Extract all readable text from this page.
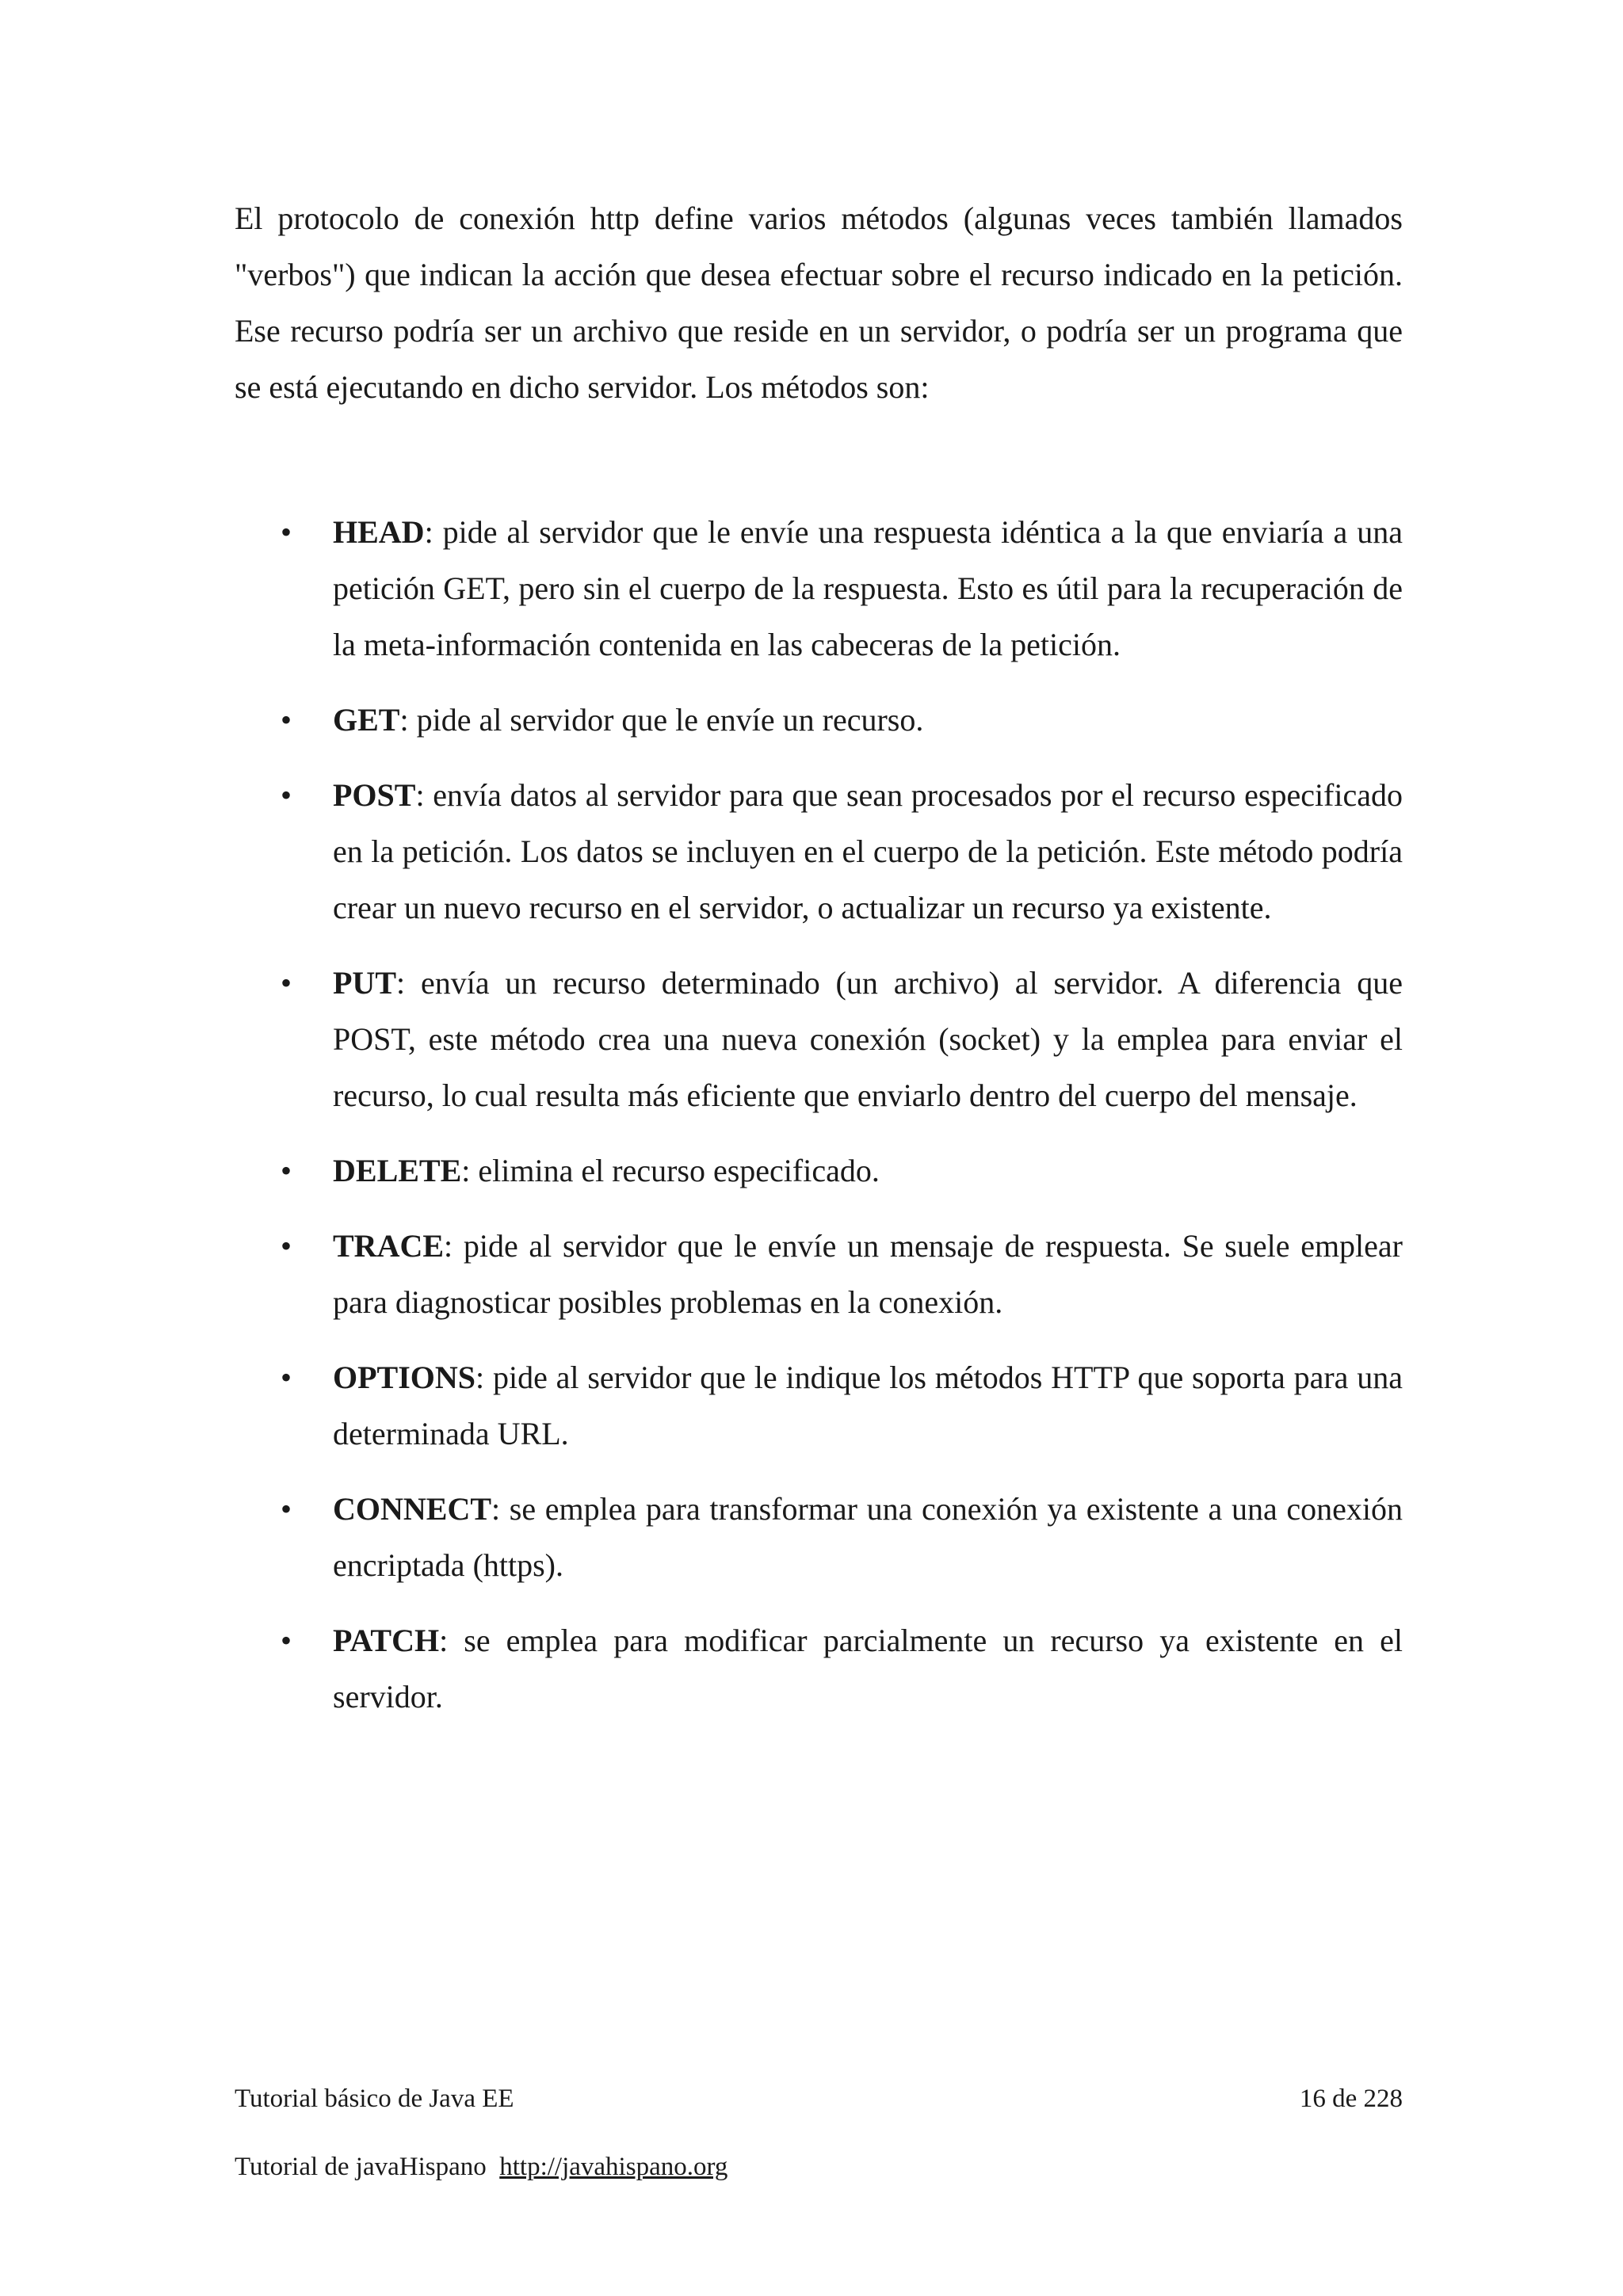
El protocolo de conexión http define varios métodos (algunas veces también llamados "verbos") que indican la acción que desea efectuar sobre el recurso indicado en la petición. Ese recurso podría ser un archivo que reside en un servidor, o podría ser un programa que se está ejecutando en dicho servidor. Los métodos son:

• HEAD: pide al servidor que le envíe una respuesta idéntica a la que enviaría a una petición GET, pero sin el cuerpo de la respuesta. Esto es útil para la recuperación de la meta-información contenida en las cabeceras de la petición.
• GET: pide al servidor que le envíe un recurso.
• POST: envía datos al servidor para que sean procesados por el recurso especificado en la petición. Los datos se incluyen en el cuerpo de la petición. Este método podría crear un nuevo recurso en el servidor, o actualizar un recurso ya existente.
• PUT: envía un recurso determinado (un archivo) al servidor. A diferencia que POST, este método crea una nueva conexión (socket) y la emplea para enviar el recurso, lo cual resulta más eficiente que enviarlo dentro del cuerpo del mensaje.
• DELETE: elimina el recurso especificado.
• TRACE: pide al servidor que le envíe un mensaje de respuesta. Se suele emplear para diagnosticar posibles problemas en la conexión.
• OPTIONS: pide al servidor que le indique los métodos HTTP que soporta para una determinada URL.
• CONNECT: se emplea para transformar una conexión ya existente a una conexión encriptada (https).
• PATCH: se emplea para modificar parcialmente un recurso ya existente en el servidor.
Tutorial básico de Java EE	16 de 228
Tutorial de javaHispano http://javahispano.org
